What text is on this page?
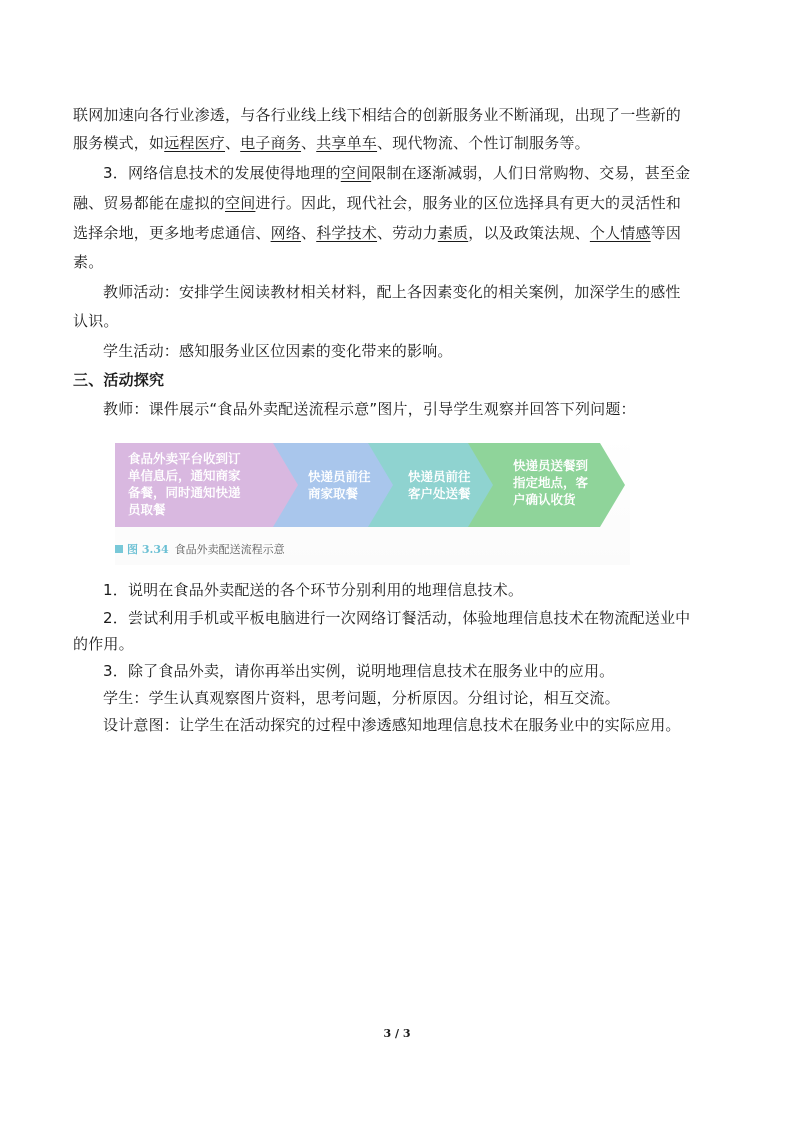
联网加速向各行业渗透，与各行业线上线下相结合的创新服务业不断涌现，出现了一些新的
服务模式，如远程医疗、电子商务、共享单车、现代物流、个性订制服务等。
3．网络信息技术的发展使得地理的空间限制在逐渐减弱，人们日常购物、交易，甚至金
融、贸易都能在虚拟的空间进行。因此，现代社会，服务业的区位选择具有更大的灵活性和
选择余地，更多地考虑通信、网络、科学技术、劳动力素质，以及政策法规、个人情感等因
素。
教师活动：安排学生阅读教材相关材料，配上各因素变化的相关案例，加深学生的感性
认识。
学生活动：感知服务业区位因素的变化带来的影响。
三、活动探究
教师：课件展示“食品外卖配送流程示意”图片，引导学生观察并回答下列问题：
食品外卖平台收到订
单信息后，通知商家
备餐，同时通知快递
员取餐
快递员前往
商家取餐
快递员前往
客户处送餐
快递员送餐到
指定地点，客
户确认收货
图 3.34 食品外卖配送流程示意
1．说明在食品外卖配送的各个环节分别利用的地理信息技术。
2．尝试利用手机或平板电脑进行一次网络订餐活动，体验地理信息技术在物流配送业中
的作用。
3．除了食品外卖，请你再举出实例，说明地理信息技术在服务业中的应用。
学生：学生认真观察图片资料，思考问题，分析原因。分组讨论，相互交流。
设计意图：让学生在活动探究的过程中渗透感知地理信息技术在服务业中的实际应用。
3 / 3
